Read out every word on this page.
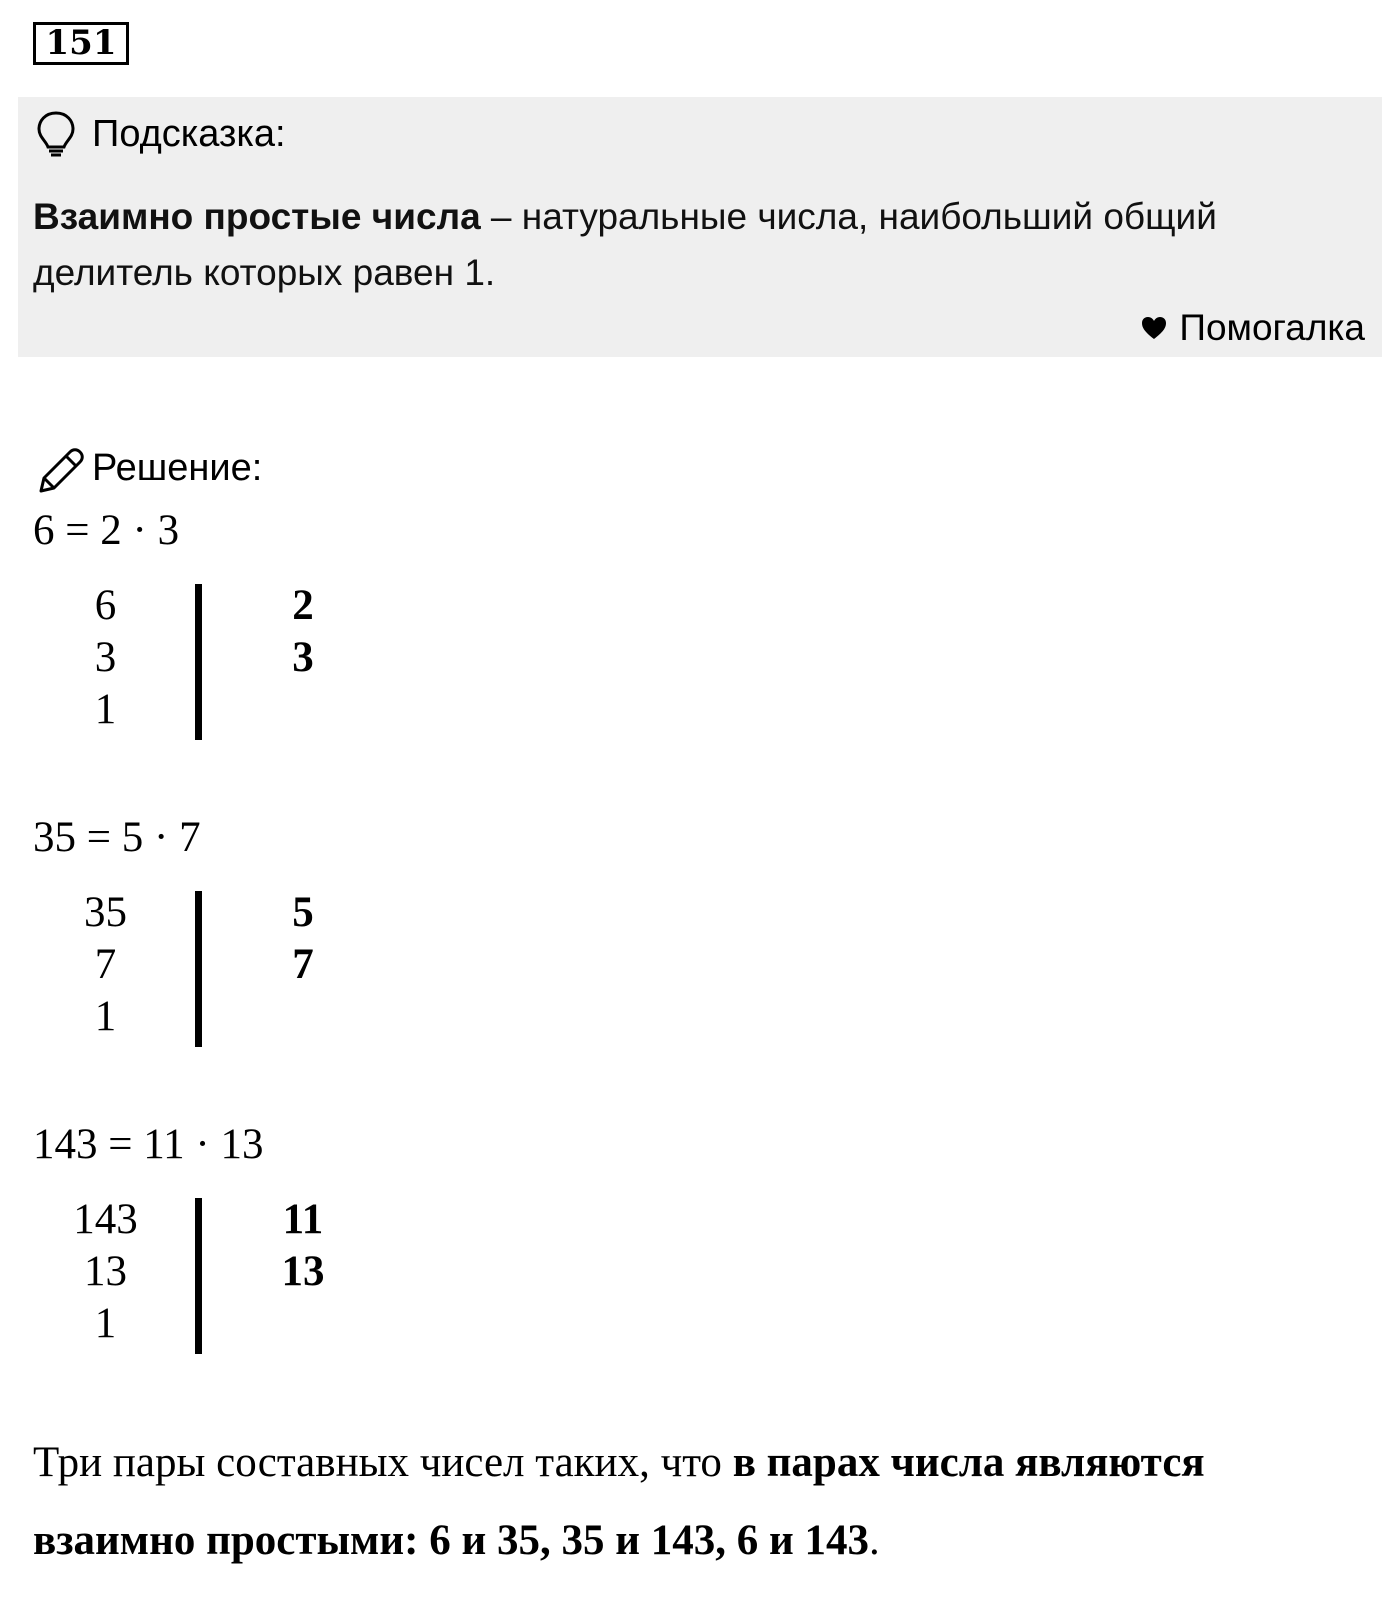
151
Подсказка:
Взаимно простые числа – натуральные числа, наибольший общий делитель которых равен 1.
Помогалка
Решение:
6 = 2 · 3
6
3
1
2
3
35 = 5 · 7
35
7
1
5
7
143 = 11 · 13
143
13
1
11
13
Три пары составных чисел таких, что в парах числа являются взаимно простыми: 6 и 35, 35 и 143, 6 и 143.
